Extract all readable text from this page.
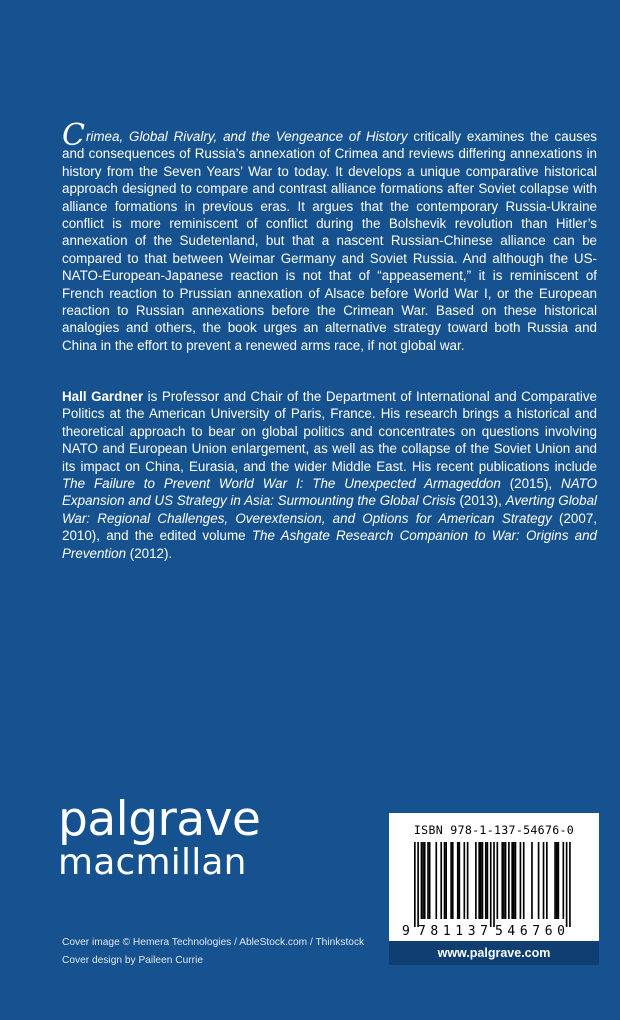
Crimea, Global Rivalry, and the Vengeance of History critically examines the causes and consequences of Russia’s annexation of Crimea and reviews differing annexations in history from the Seven Years’ War to today. It develops a unique comparative historical approach designed to compare and contrast alliance formations after Soviet collapse with alliance formations in previous eras. It argues that the contemporary Russia-Ukraine conflict is more reminiscent of conflict during the Bolshevik revolution than Hitler’s annexation of the Sudetenland, but that a nascent Russian-Chinese alliance can be compared to that between Weimar Germany and Soviet Russia. And although the US-NATO-European-Japanese reaction is not that of “appeasement,” it is reminiscent of French reaction to Prussian annexation of Alsace before World War I, or the European reaction to Russian annexations before the Crimean War. Based on these historical analogies and others, the book urges an alternative strategy toward both Russia and China in the effort to prevent a renewed arms race, if not global war.

Hall Gardner is Professor and Chair of the Department of International and Comparative Politics at the American University of Paris, France. His research brings a historical and theoretical approach to bear on global politics and concentrates on questions involving NATO and European Union enlargement, as well as the collapse of the Soviet Union and its impact on China, Eurasia, and the wider Middle East. His recent publications include The Failure to Prevent World War I: The Unexpected Armageddon (2015), NATO Expansion and US Strategy in Asia: Surmounting the Global Crisis (2013), Averting Global War: Regional Challenges, Overextension, and Options for American Strategy (2007, 2010), and the edited volume The Ashgate Research Companion to War: Origins and Prevention (2012).

palgrave
macmillan
Cover image © Hemera Technologies / AbleStock.com / Thinkstock
Cover design by Paileen Currie
ISBN 978-1-137-54676-0
9 781137 546760
www.palgrave.com
